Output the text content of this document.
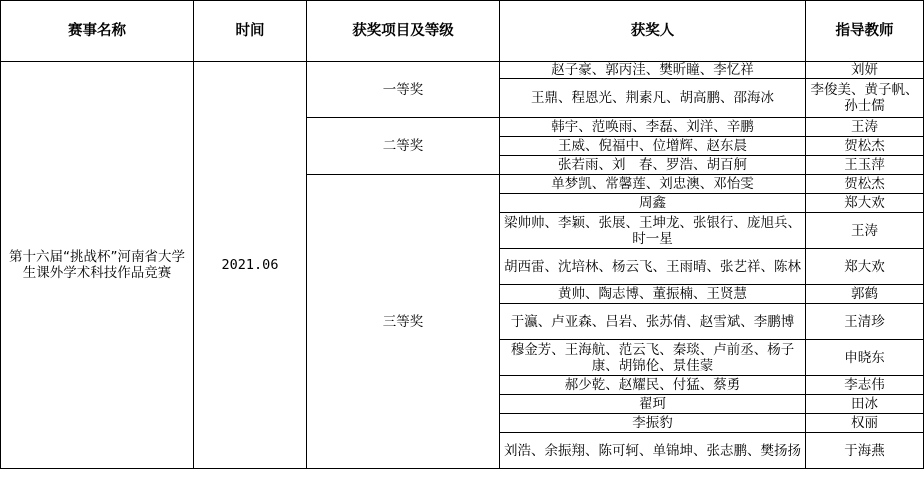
赛事名称	时间	获奖项目及等级	获奖人	指导教师
第十六届“挑战杯”河南省大学生课外学术科技作品竞赛	2021.06	一等奖	赵子豪、郭丙洼、樊昕瞳、李忆祥	刘妍
			王鼎、程恩光、荆素凡、胡高鹏、邵海冰	李俊美、黄子帆、孙士儒
		二等奖	韩宇、范唤雨、李磊、刘洋、辛鹏	王涛
			王威、倪福中、位增辉、赵东晨	贺松杰
			张若雨、刘　春、罗浩、胡百舸	王玉萍
		三等奖	单梦凯、常馨莲、刘忠澳、邓怡雯	贺松杰
			周鑫	郑大欢
			梁帅帅、李颖、张展、王坤龙、张银行、庞旭兵、时一星	王涛
			胡西雷、沈培林、杨云飞、王雨晴、张艺祥、陈林	郑大欢
			黄帅、陶志博、董振楠、王贤慧	郭鹤
			于瀛、卢亚森、吕岩、张苏倩、赵雪斌、李鹏博	王清珍
			穆金芳、王海航、范云飞、秦琰、卢前丞、杨子康、胡锦伦、景佳蒙	申晓东
			郝少乾、赵耀民、付猛、蔡勇	李志伟
			翟珂	田冰
			李振豹	权丽
			刘浩、余振翔、陈可轲、单锦坤、张志鹏、樊扬扬	于海燕
